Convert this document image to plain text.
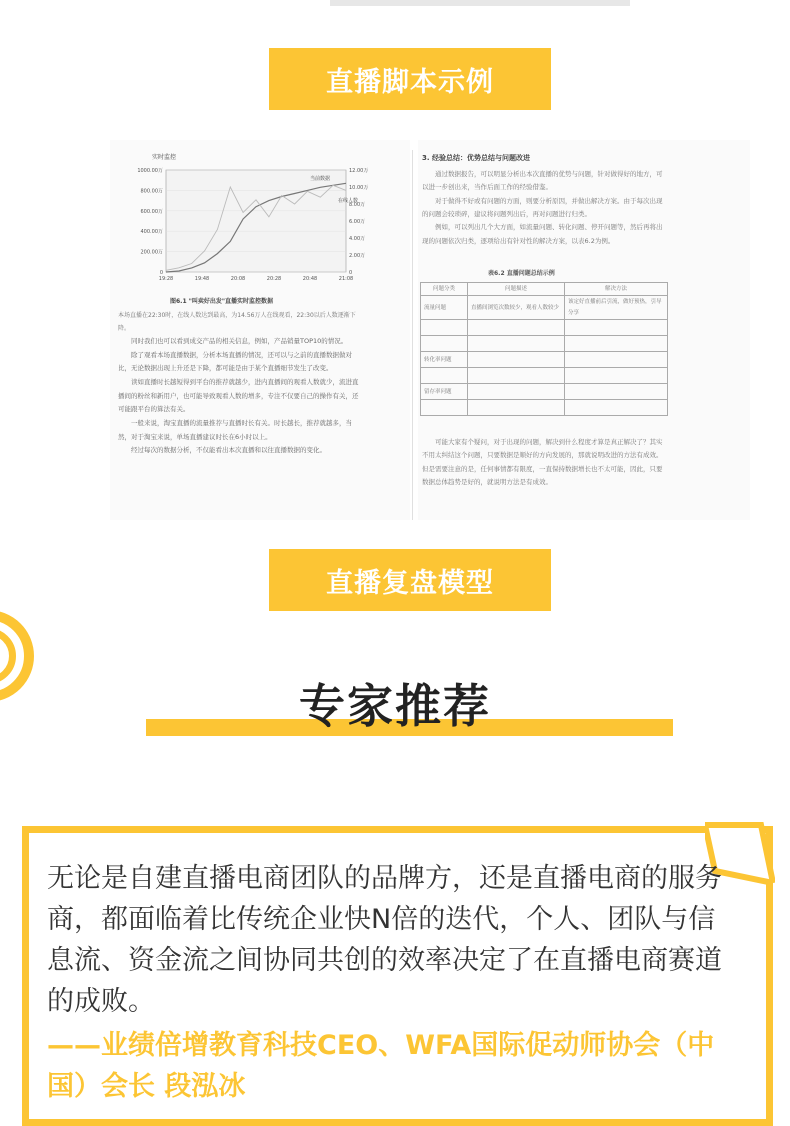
直播脚本示例
实时监控
1000.00万
800.00万
600.00万
400.00万
200.00万
0
12.00万
10.00万
8.00万
6.00万
4.00万
2.00万
0
19:28	19:48	20:08	20:28	20:48	21:08
当前数据
在线人数
图6.1 "叫卖好出发"直播实时监控数据

本场直播在22:30时，在线人数达到最高，为14.56万人在线观看，22:30以后人数逐渐下降。

同时我们也可以看到成交产品的相关信息，例如，产品销量TOP10的情况。

除了观看本场直播数据，分析本场直播的情况，还可以与之前的直播数据做对比，无论数据出现上升还是下降，都可能是由于某个直播细节发生了改变。

读如直播时长越短得到平台的推荐就越少，进内直播间的观看人数就少，流进直播间的粉丝和新用户，也可能导致观看人数的增多，专注不仅要自己的操作有关，还可能跟平台的算法有关。

一般来说，淘宝直播的流量推荐与直播时长有关。时长越长，推荐就越多，当然，对于淘宝来说，单场直播建议时长在6小时以上。

经过每次的数据分析，不仅能看出本次直播和以往直播数据的变化。

3. 经验总结：优势总结与问题改进

通过数据报告，可以明显分析出本次直播的优势与问题，针对做得好的地方，可以进一步创出来，当作后面工作的经验借鉴。

对于做得不好或有问题的方面，则要分析原因，并做出解决方案。由于每次出现的问题会较琐碎，建议将问题列出后，再对问题进行归类。

例如，可以列出几个大方面，如流量问题、转化问题、停开问题等，然后再将出现的问题依次归类，逐项给出有针对性的解决方案，以表6.2为例。

表6.2 直播问题总结示例
问题分类	问题描述	解决方法
流量问题	直播间浏览次数较少，观看人数较少	该定好直播前后引流，做好预热，引导分享

转化率问题		

留存率问题		

可能大家有个疑问，对于出现的问题，解决到什么程度才算是真正解决了？其实不用太纠结这个问题，只要数据是顺好的方向发展的，那就说明改进的方法有成效。但是需要注意的是，任何事情都有限度，一直保持数据增长也不太可能，因此，只要数据总体趋势是好的，就说明方法是有成效。

直播复盘模型
专家推荐
无论是自建直播电商团队的品牌方，还是直播电商的服务商，都面临着比传统企业快N倍的迭代，个人、团队与信息流、资金流之间协同共创的效率决定了在直播电商赛道的成败。
——业绩倍增教育科技CEO、WFA国际促动师协会（中国）会长 段泓冰
